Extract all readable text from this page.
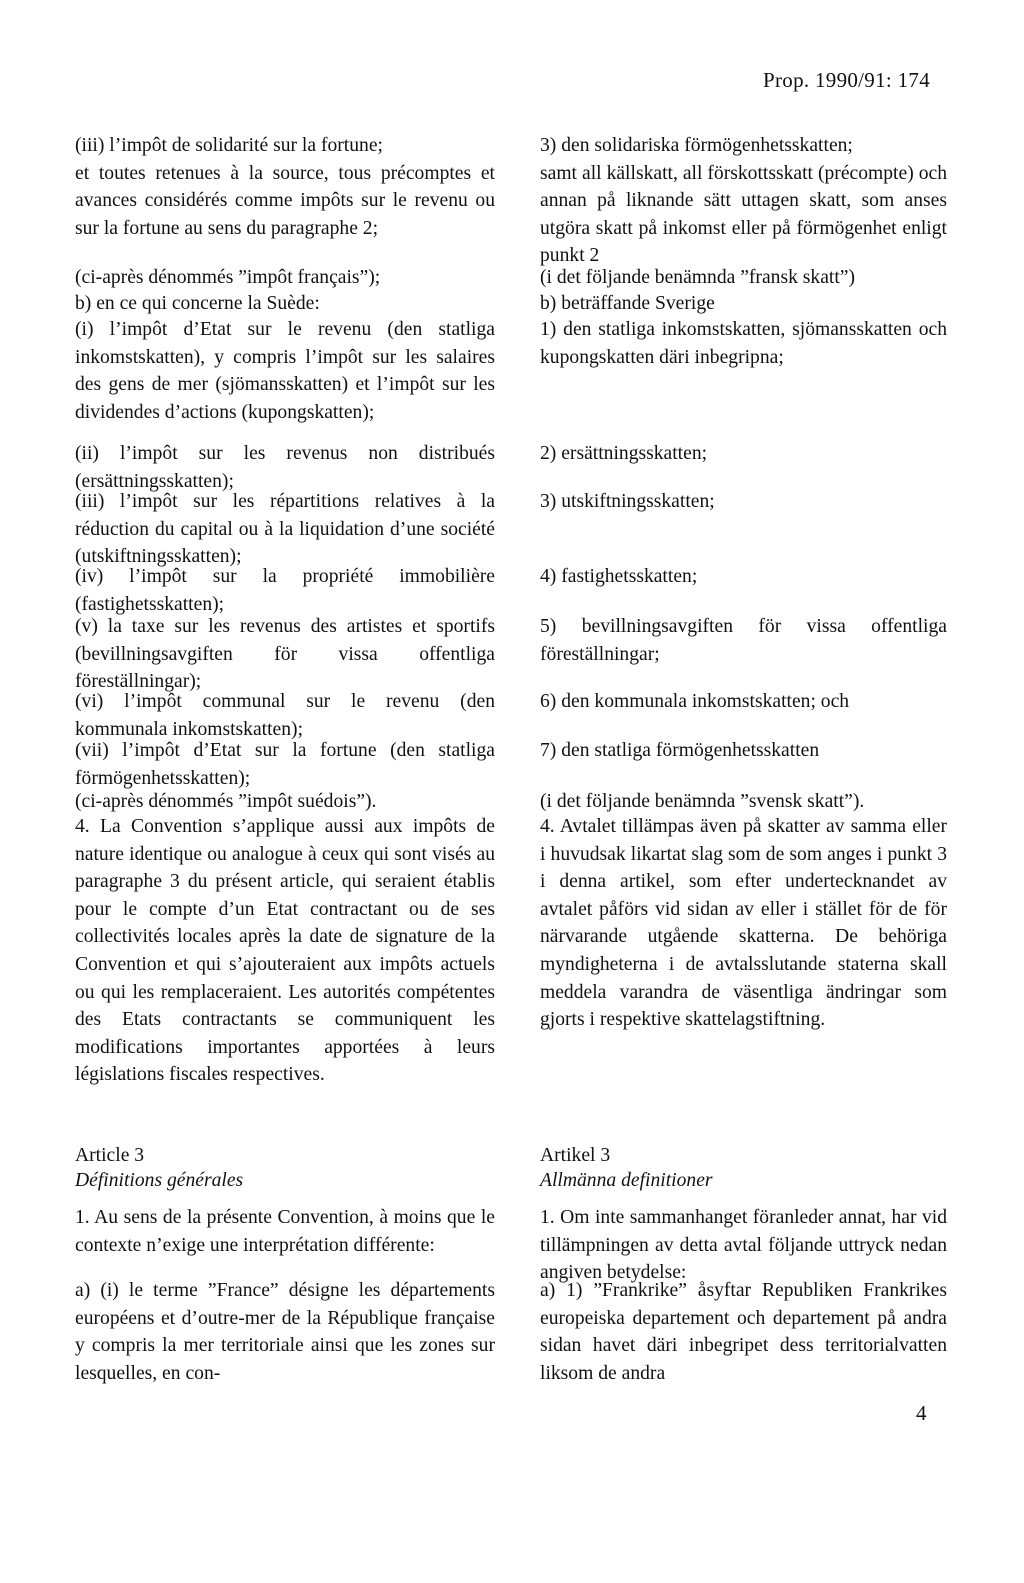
Prop. 1990/91: 174

(iii) l’impôt de solidarité sur la fortune;
et toutes retenues à la source, tous précomptes et avances considérés comme impôts sur le revenu ou sur la fortune au sens du paragraphe 2;

(ci-après dénommés ”impôt français”);

b) en ce qui concerne la Suède:

(i) l’impôt d’Etat sur le revenu (den statliga inkomstskatten), y compris l’impôt sur les salaires des gens de mer (sjömansskatten) et l’impôt sur les dividendes d’actions (kupongskatten);

(ii) l’impôt sur les revenus non distribués (ersättningsskatten);

(iii) l’impôt sur les répartitions relatives à la réduction du capital ou à la liquidation d’une société (utskiftningsskatten);

(iv) l’impôt sur la propriété immobilière (fastighetsskatten);

(v) la taxe sur les revenus des artistes et sportifs (bevillningsavgiften för vissa offentliga föreställningar);

(vi) l’impôt communal sur le revenu (den kommunala inkomstskatten);

(vii) l’impôt d’Etat sur la fortune (den statliga förmögenhetsskatten);

(ci-après dénommés ”impôt suédois”).

4. La Convention s’applique aussi aux impôts de nature identique ou analogue à ceux qui sont visés au paragraphe 3 du présent article, qui seraient établis pour le compte d’un Etat contractant ou de ses collectivités locales après la date de signature de la Convention et qui s’ajouteraient aux impôts actuels ou qui les remplaceraient. Les autorités compétentes des Etats contractants se communiquent les modifications importantes apportées à leurs législations fiscales respectives.

Article 3

Définitions générales

1. Au sens de la présente Convention, à moins que le contexte n’exige une interprétation différente:

a) (i) le terme ”France” désigne les départements européens et d’outre-mer de la République française y compris la mer territoriale ainsi que les zones sur lesquelles, en con-

3) den solidariska förmögenhetsskatten;
samt all källskatt, all förskottsskatt (précompte) och annan på liknande sätt uttagen skatt, som anses utgöra skatt på inkomst eller på förmögenhet enligt punkt 2

(i det följande benämnda ”fransk skatt”)

b) beträffande Sverige

1) den statliga inkomstskatten, sjömansskatten och kupongskatten däri inbegripna;

2) ersättningsskatten;

3) utskiftningsskatten;

4) fastighetsskatten;

5) bevillningsavgiften för vissa offentliga föreställningar;

6) den kommunala inkomstskatten; och

7) den statliga förmögenhetsskatten

(i det följande benämnda ”svensk skatt”).

4. Avtalet tillämpas även på skatter av samma eller i huvudsak likartat slag som de som anges i punkt 3 i denna artikel, som efter undertecknandet av avtalet påförs vid sidan av eller i stället för de för närvarande utgående skatterna. De behöriga myndigheterna i de avtalsslutande staterna skall meddela varandra de väsentliga ändringar som gjorts i respektive skattelagstiftning.

Artikel 3

Allmänna definitioner

1. Om inte sammanhanget föranleder annat, har vid tillämpningen av detta avtal följande uttryck nedan angiven betydelse:

a) 1) ”Frankrike” åsyftar Republiken Frankrikes europeiska departement och departement på andra sidan havet däri inbegripet dess territorialvatten liksom de andra

4
